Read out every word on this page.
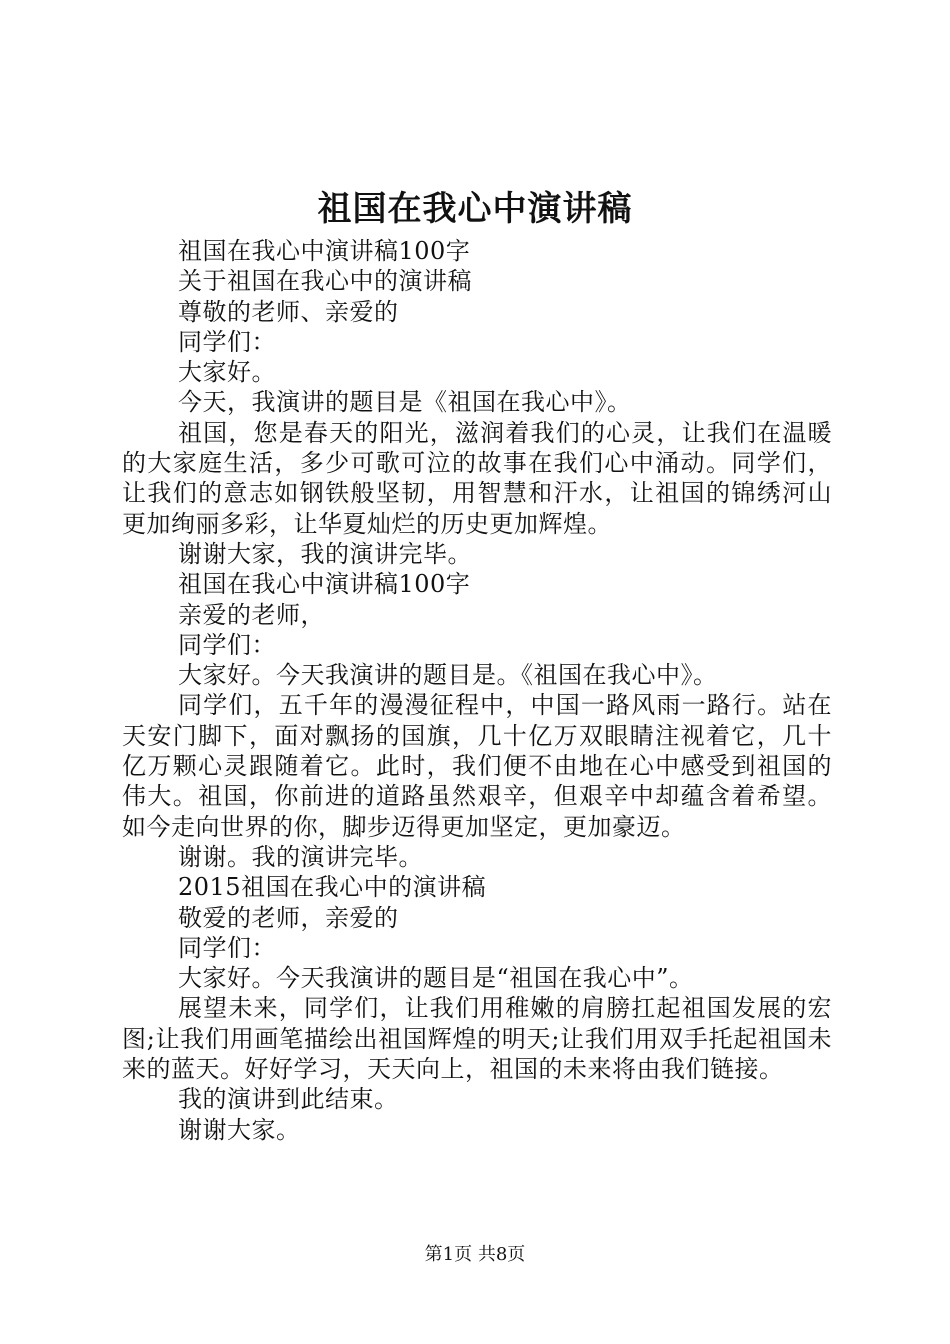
祖国在我心中演讲稿

祖国在我心中演讲稿100字

关于祖国在我心中的演讲稿

尊敬的老师、亲爱的

同学们：

大家好。

今天，我演讲的题目是《祖国在我心中》。

祖国，您是春天的阳光，滋润着我们的心灵，让我们在温暖的大家庭生活，多少可歌可泣的故事在我们心中涌动。同学们，让我们的意志如钢铁般坚韧，用智慧和汗水，让祖国的锦绣河山更加绚丽多彩，让华夏灿烂的历史更加辉煌。

谢谢大家，我的演讲完毕。

祖国在我心中演讲稿100字

亲爱的老师，

同学们：

大家好。今天我演讲的题目是。《祖国在我心中》。

同学们，五千年的漫漫征程中，中国一路风雨一路行。站在天安门脚下，面对飘扬的国旗，几十亿万双眼睛注视着它，几十亿万颗心灵跟随着它。此时，我们便不由地在心中感受到祖国的伟大。祖国，你前进的道路虽然艰辛，但艰辛中却蕴含着希望。如今走向世界的你，脚步迈得更加坚定，更加豪迈。

谢谢。我的演讲完毕。

2015祖国在我心中的演讲稿

敬爱的老师，亲爱的

同学们：

大家好。今天我演讲的题目是“祖国在我心中”。

展望未来，同学们，让我们用稚嫩的肩膀扛起祖国发展的宏图;让我们用画笔描绘出祖国辉煌的明天;让我们用双手托起祖国未来的蓝天。好好学习，天天向上，祖国的未来将由我们链接。

我的演讲到此结束。

谢谢大家。

第1页 共8页
